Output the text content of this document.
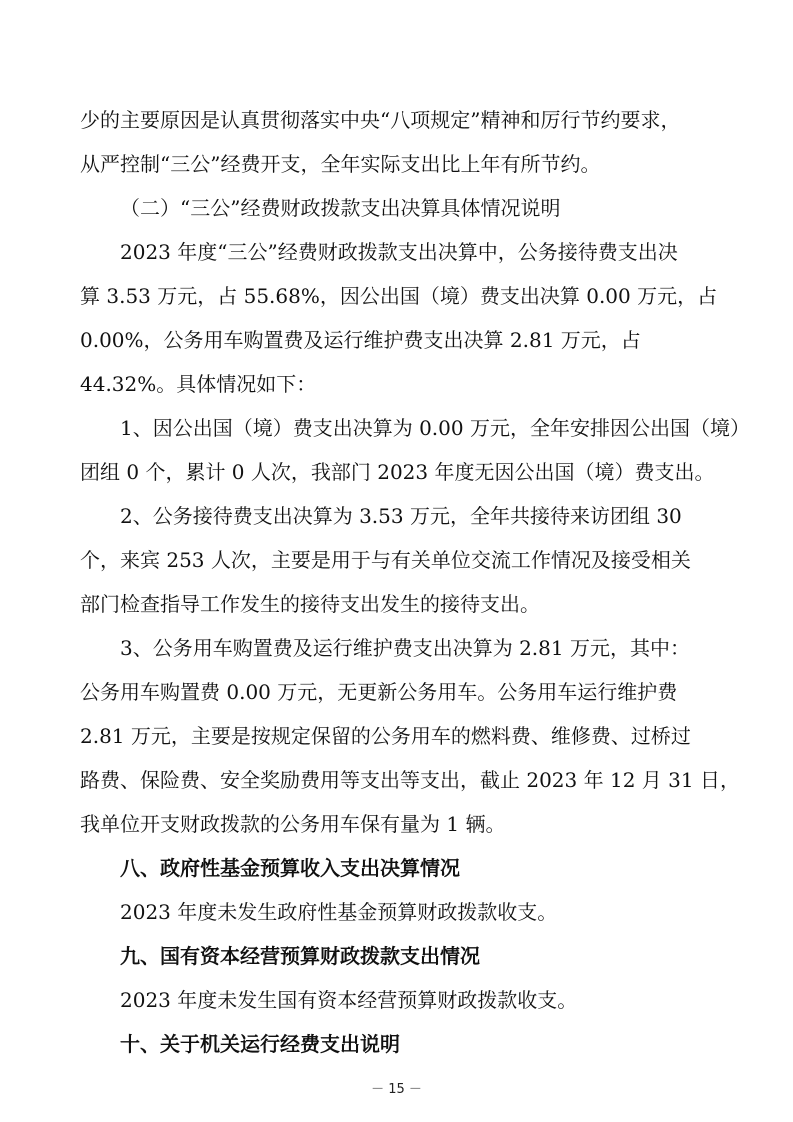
少的主要原因是认真贯彻落实中央“八项规定”精神和厉行节约要求，
从严控制“三公”经费开支，全年实际支出比上年有所节约。
（二）“三公”经费财政拨款支出决算具体情况说明
2023 年度“三公”经费财政拨款支出决算中，公务接待费支出决
算 3.53 万元，占 55.68%，因公出国（境）费支出决算 0.00 万元，占
0.00%，公务用车购置费及运行维护费支出决算 2.81 万元，占
44.32%。具体情况如下：
1、因公出国（境）费支出决算为 0.00 万元，全年安排因公出国（境）
团组 0 个，累计 0 人次，我部门 2023 年度无因公出国（境）费支出。
2、公务接待费支出决算为 3.53 万元，全年共接待来访团组 30
个，来宾 253 人次，主要是用于与有关单位交流工作情况及接受相关
部门检查指导工作发生的接待支出发生的接待支出。
3、公务用车购置费及运行维护费支出决算为 2.81 万元，其中：
公务用车购置费 0.00 万元，无更新公务用车。公务用车运行维护费
2.81 万元，主要是按规定保留的公务用车的燃料费、维修费、过桥过
路费、保险费、安全奖励费用等支出等支出，截止 2023 年 12 月 31 日，
我单位开支财政拨款的公务用车保有量为 1 辆。
八、政府性基金预算收入支出决算情况
2023 年度未发生政府性基金预算财政拨款收支。
九、国有资本经营预算财政拨款支出情况
2023 年度未发生国有资本经营预算财政拨款收支。
十、关于机关运行经费支出说明
－ 15 －
